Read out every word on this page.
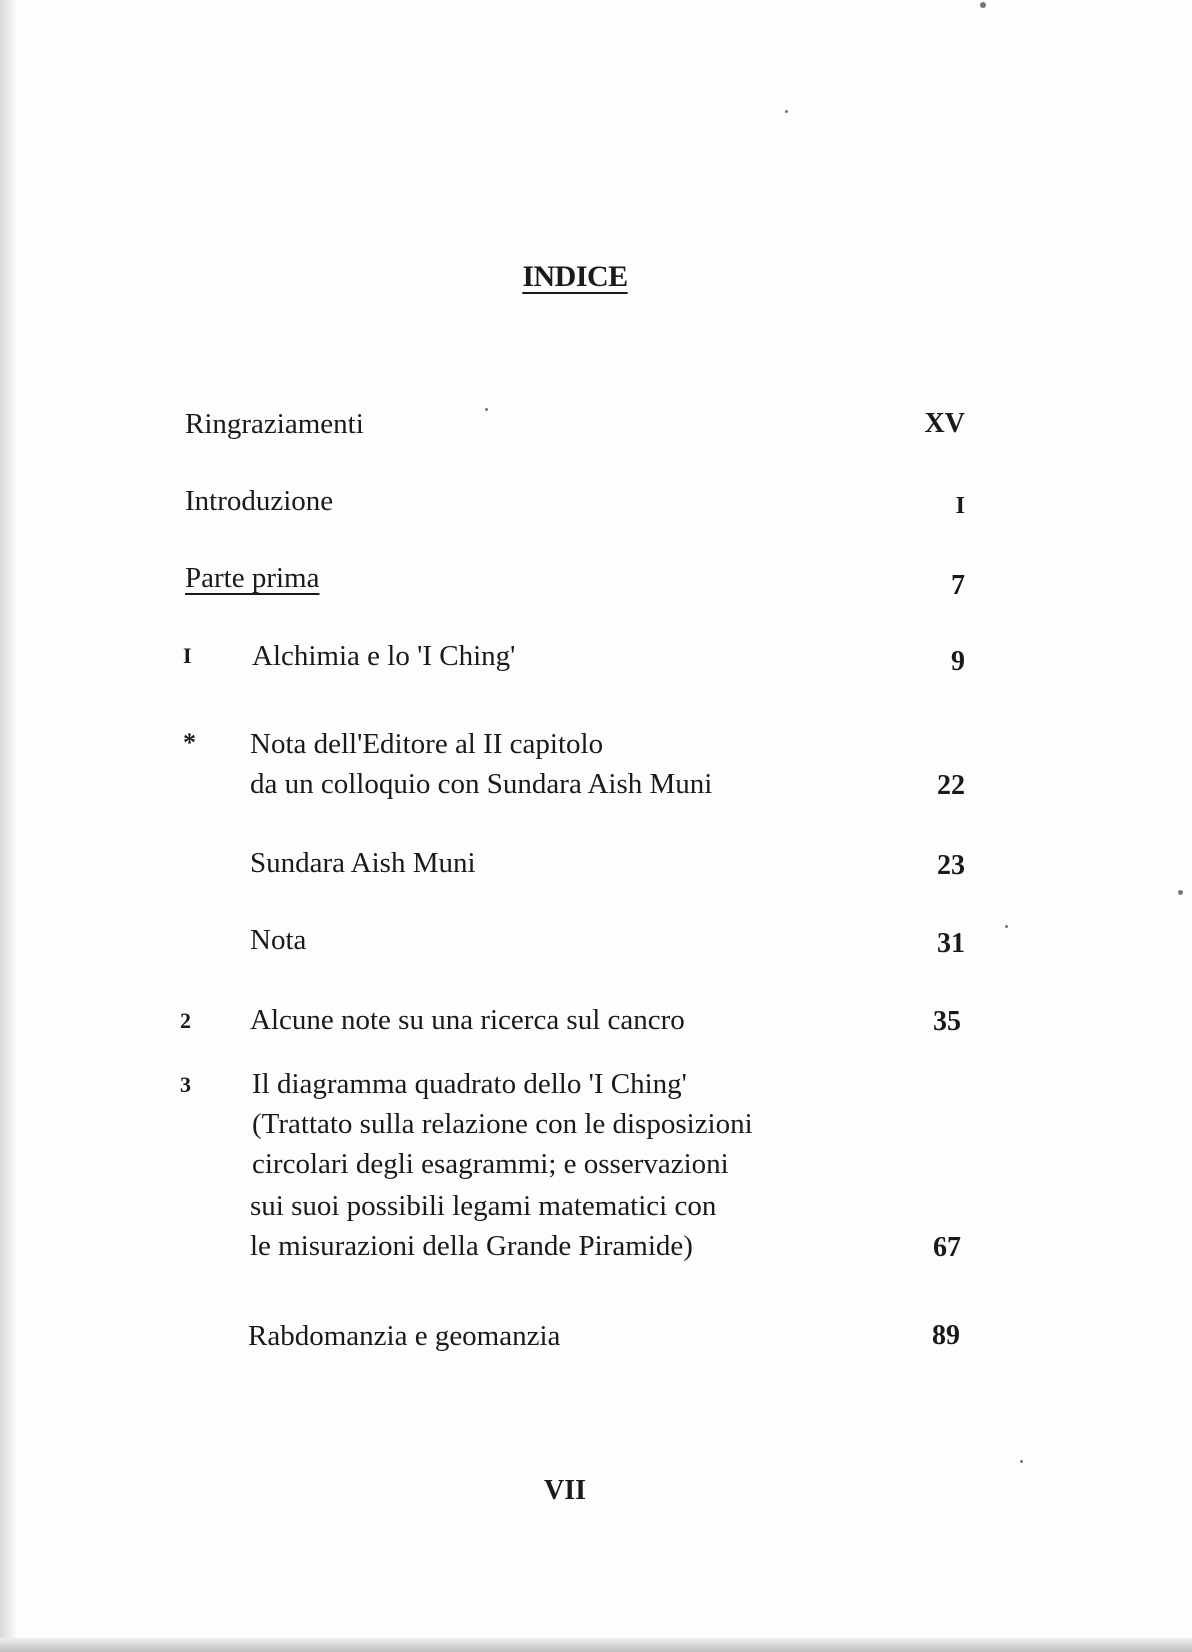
INDICE
Ringraziamenti	XV
Introduzione	I
Parte prima	7
I Alchimia e lo 'I Ching'	9
* Nota dell'Editore al II capitolo
da un colloquio con Sundara Aish Muni	22
Sundara Aish Muni	23
Nota	31
2 Alcune note su una ricerca sul cancro	35
3 Il diagramma quadrato dello 'I Ching'
(Trattato sulla relazione con le disposizioni
circolari degli esagrammi; e osservazioni
sui suoi possibili legami matematici con
le misurazioni della Grande Piramide)	67
Rabdomanzia e geomanzia	89
VII
